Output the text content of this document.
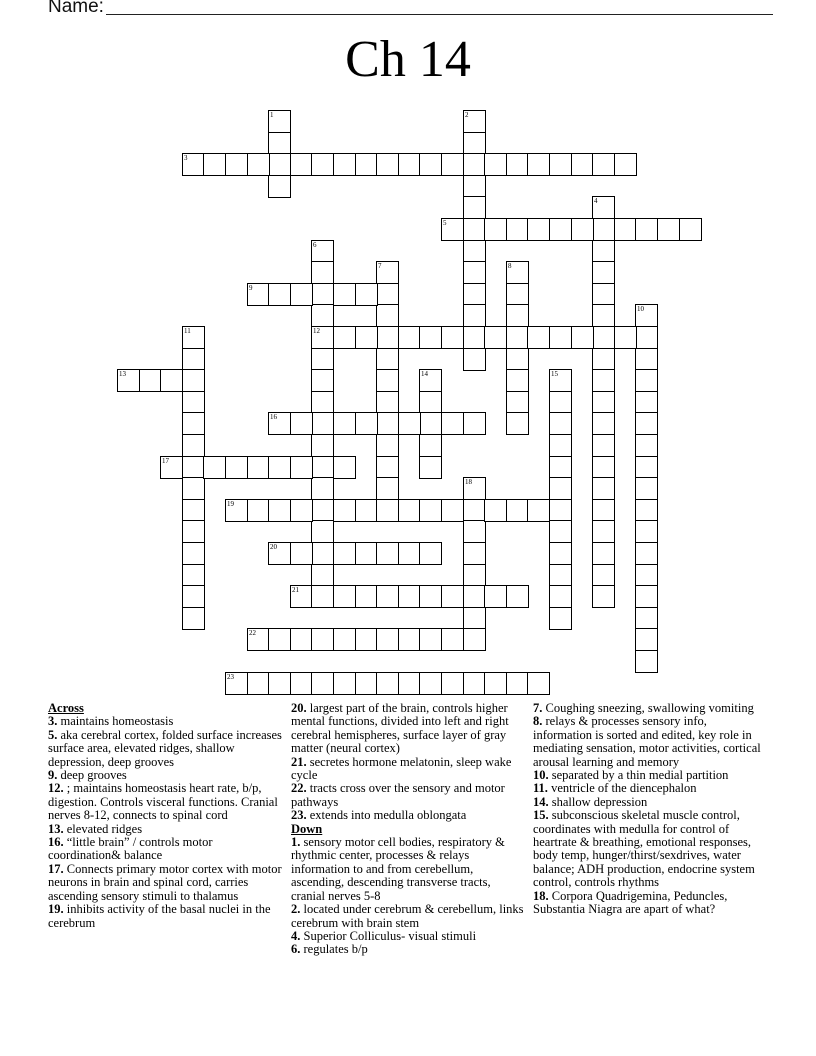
Name:
Ch 14
1	2
3
4
5
6
12
7	8
9
10
11
13	14	15
16
17
18
19
20
21
22
23
Across
3. maintains homeostasis
5. aka cerebral cortex, folded surface increases surface area, elevated ridges, shallow depression, deep grooves
9. deep grooves
12. ; maintains homeostasis heart rate, b/p, digestion. Controls visceral functions. Cranial nerves 8-12, connects to spinal cord
13. elevated ridges
16. “little brain” / controls motor coordination& balance
17. Connects primary motor cortex with motor neurons in brain and spinal cord, carries ascending sensory stimuli to thalamus
19. inhibits activity of the basal nuclei in the cerebrum
20. largest part of the brain, controls higher mental functions, divided into left and right cerebral hemispheres, surface layer of gray matter (neural cortex)
21. secretes hormone melatonin, sleep wake cycle
22. tracts cross over the sensory and motor pathways
23. extends into medulla oblongata
Down
1. sensory motor cell bodies, respiratory & rhythmic center, processes & relays information to and from cerebellum, ascending, descending transverse tracts, cranial nerves 5-8
2. located under cerebrum & cerebellum, links cerebrum with brain stem
4. Superior Colliculus- visual stimuli
6. regulates b/p
7. Coughing sneezing, swallowing vomiting
8. relays & processes sensory info, information is sorted and edited, key role in mediating sensation, motor activities, cortical arousal learning and memory
10. separated by a thin medial partition
11. ventricle of the diencephalon
14. shallow depression
15. subconscious skeletal muscle control, coordinates with medulla for control of heartrate & breathing, emotional responses, body temp, hunger/thirst/sexdrives, water balance; ADH production, endocrine system control, controls rhythms
18. Corpora Quadrigemina, Peduncles, Substantia Niagra are apart of what?
